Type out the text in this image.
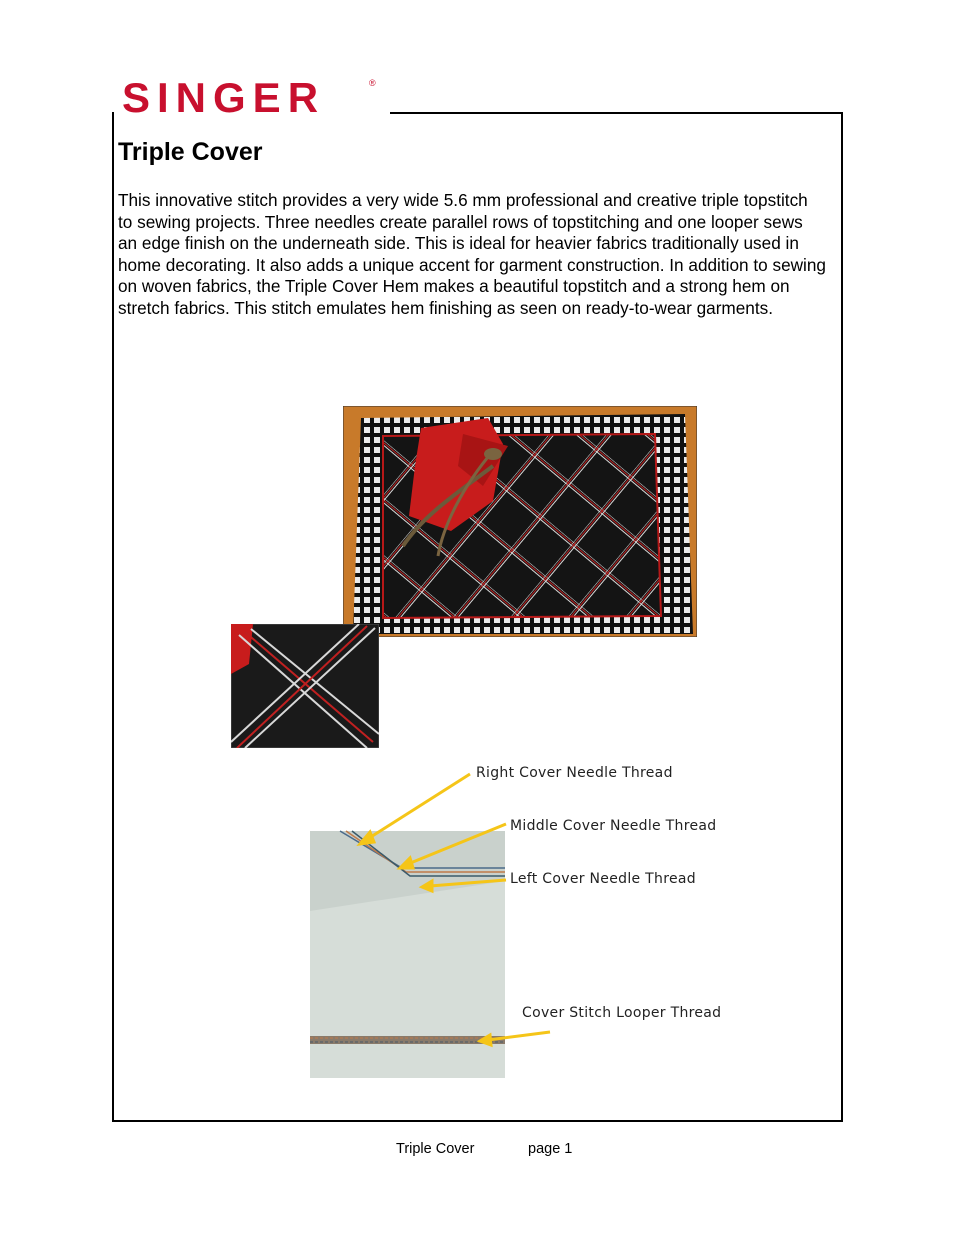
SINGER	®
Triple Cover

This innovative stitch provides a very wide 5.6 mm professional and creative triple topstitch to sewing projects. Three needles create parallel rows of topstitching and one looper sews an edge finish on the underneath side. This is ideal for heavier fabrics traditionally used in home decorating. It also adds a unique accent for garment construction. In addition to sewing on woven fabrics, the Triple Cover Hem makes a beautiful topstitch and a strong hem on stretch fabrics. This stitch emulates hem finishing as seen on ready-to-wear garments.

Right Cover Needle Thread
Middle Cover Needle Thread
Left Cover Needle Thread
Cover Stitch Looper Thread
Triple Cover	page 1
